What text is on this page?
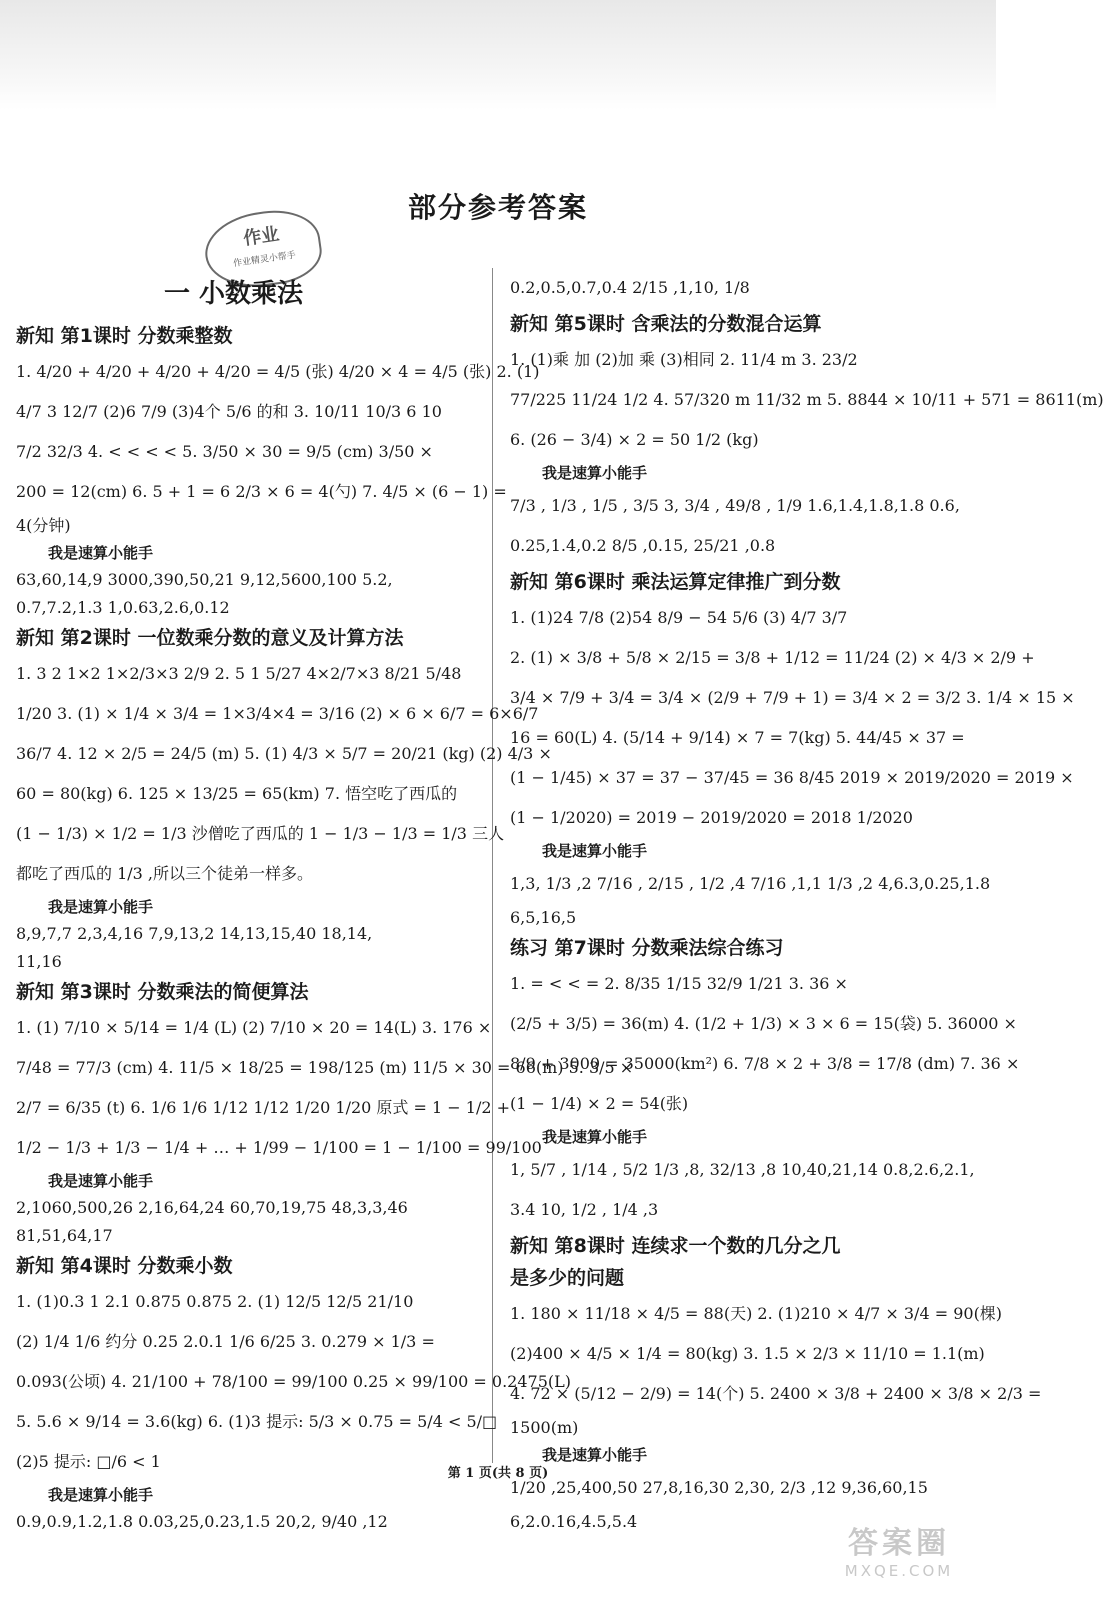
部分参考答案
作业
作业精灵小帮手
一 小数乘法
新知 第1课时 分数乘整数
1. 4/20 + 4/20 + 4/20 + 4/20 = 4/5 (张) 4/20 × 4 = 4/5 (张) 2. (1)
4/7 3 12/7 (2)6 7/9 (3)4个 5/6 的和 3. 10/11 10/3 6 10
7/2 32/3 4. < < < < 5. 3/50 × 30 = 9/5 (cm) 3/50 ×
200 = 12(cm) 6. 5 + 1 = 6 2/3 × 6 = 4(勺) 7. 4/5 × (6 − 1) =
4(分钟)
我是速算小能手
63,60,14,9 3000,390,50,21 9,12,5600,100 5.2,
0.7,7.2,1.3 1,0.63,2.6,0.12
新知 第2课时 一位数乘分数的意义及计算方法
1. 3 2 1×2 1×2/3×3 2/9 2. 5 1 5/27 4×2/7×3 8/21 5/48
1/20 3. (1) × 1/4 × 3/4 = 1×3/4×4 = 3/16 (2) × 6 × 6/7 = 6×6/7
36/7 4. 12 × 2/5 = 24/5 (m) 5. (1) 4/3 × 5/7 = 20/21 (kg) (2) 4/3 ×
60 = 80(kg) 6. 125 × 13/25 = 65(km) 7. 悟空吃了西瓜的
(1 − 1/3) × 1/2 = 1/3 沙僧吃了西瓜的 1 − 1/3 − 1/3 = 1/3 三人
都吃了西瓜的 1/3 ,所以三个徒弟一样多。
我是速算小能手
8,9,7,7 2,3,4,16 7,9,13,2 14,13,15,40 18,14,
11,16
新知 第3课时 分数乘法的简便算法
1. (1) 7/10 × 5/14 = 1/4 (L) (2) 7/10 × 20 = 14(L) 3. 176 ×
7/48 = 77/3 (cm) 4. 11/5 × 18/25 = 198/125 (m) 11/5 × 30 = 66(m) 5. 3/5 ×
2/7 = 6/35 (t) 6. 1/6 1/6 1/12 1/12 1/20 1/20 原式 = 1 − 1/2 +
1/2 − 1/3 + 1/3 − 1/4 + … + 1/99 − 1/100 = 1 − 1/100 = 99/100
我是速算小能手
2,1060,500,26 2,16,64,24 60,70,19,75 48,3,3,46
81,51,64,17
新知 第4课时 分数乘小数
1. (1)0.3 1 2.1 0.875 0.875 2. (1) 12/5 12/5 21/10
(2) 1/4 1/6 约分 0.25 2.0.1 1/6 6/25 3. 0.279 × 1/3 =
0.093(公顷) 4. 21/100 + 78/100 = 99/100 0.25 × 99/100 = 0.2475(L)
5. 5.6 × 9/14 = 3.6(kg) 6. (1)3 提示: 5/3 × 0.75 = 5/4 < 5/□
(2)5 提示: □/6 < 1
我是速算小能手
0.9,0.9,1.2,1.8 0.03,25,0.23,1.5 20,2, 9/40 ,12
0.2,0.5,0.7,0.4 2/15 ,1,10, 1/8
新知 第5课时 含乘法的分数混合运算
1. (1)乘 加 (2)加 乘 (3)相同 2. 11/4 m 3. 23/2
77/225 11/24 1/2 4. 57/320 m 11/32 m 5. 8844 × 10/11 + 571 = 8611(m)
6. (26 − 3/4) × 2 = 50 1/2 (kg)
我是速算小能手
7/3 , 1/3 , 1/5 , 3/5 3, 3/4 , 49/8 , 1/9 1.6,1.4,1.8,1.8 0.6,
0.25,1.4,0.2 8/5 ,0.15, 25/21 ,0.8
新知 第6课时 乘法运算定律推广到分数
1. (1)24 7/8 (2)54 8/9 − 54 5/6 (3) 4/7 3/7
2. (1) × 3/8 + 5/8 × 2/15 = 3/8 + 1/12 = 11/24 (2) × 4/3 × 2/9 +
3/4 × 7/9 + 3/4 = 3/4 × (2/9 + 7/9 + 1) = 3/4 × 2 = 3/2 3. 1/4 × 15 ×
16 = 60(L) 4. (5/14 + 9/14) × 7 = 7(kg) 5. 44/45 × 37 =
(1 − 1/45) × 37 = 37 − 37/45 = 36 8/45 2019 × 2019/2020 = 2019 ×
(1 − 1/2020) = 2019 − 2019/2020 = 2018 1/2020
我是速算小能手
1,3, 1/3 ,2 7/16 , 2/15 , 1/2 ,4 7/16 ,1,1 1/3 ,2 4,6.3,0.25,1.8
6,5,16,5
练习 第7课时 分数乘法综合练习
1. = < < = 2. 8/35 1/15 32/9 1/21 3. 36 ×
(2/5 + 3/5) = 36(m) 4. (1/2 + 1/3) × 3 × 6 = 15(袋) 5. 36000 ×
8/9 + 3000 = 35000(km²) 6. 7/8 × 2 + 3/8 = 17/8 (dm) 7. 36 ×
(1 − 1/4) × 2 = 54(张)
我是速算小能手
1, 5/7 , 1/14 , 5/2 1/3 ,8, 32/13 ,8 10,40,21,14 0.8,2.6,2.1,
3.4 10, 1/2 , 1/4 ,3
新知 第8课时 连续求一个数的几分之几
是多少的问题
1. 180 × 11/18 × 4/5 = 88(天) 2. (1)210 × 4/7 × 3/4 = 90(棵)
(2)400 × 4/5 × 1/4 = 80(kg) 3. 1.5 × 2/3 × 11/10 = 1.1(m)
4. 72 × (5/12 − 2/9) = 14(个) 5. 2400 × 3/8 + 2400 × 3/8 × 2/3 =
1500(m)
我是速算小能手
1/20 ,25,400,50 27,8,16,30 2,30, 2/3 ,12 9,36,60,15
6,2.0.16,4.5,5.4
第 1 页(共 8 页)
答案圈
MXQE.COM
